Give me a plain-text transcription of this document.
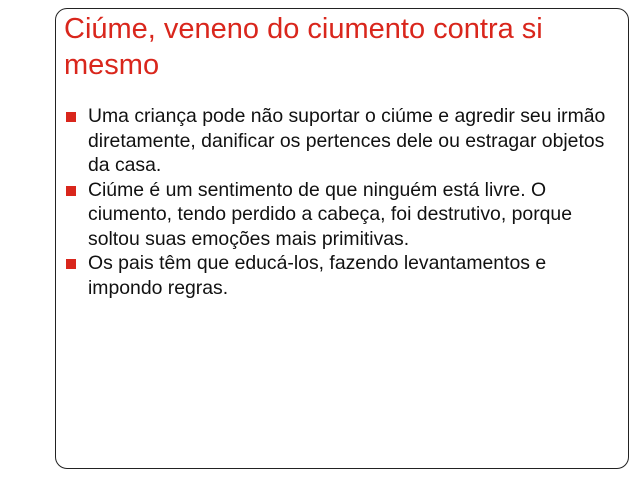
Ciúme, veneno do ciumento contra si mesmo
Uma criança pode não suportar o ciúme e agredir seu irmão diretamente, danificar os pertences dele ou estragar objetos da casa.
Ciúme é um sentimento de que ninguém está livre. O ciumento, tendo perdido a cabeça, foi destrutivo, porque soltou suas emoções mais primitivas.
Os pais têm que educá-los, fazendo levantamentos e impondo regras.
